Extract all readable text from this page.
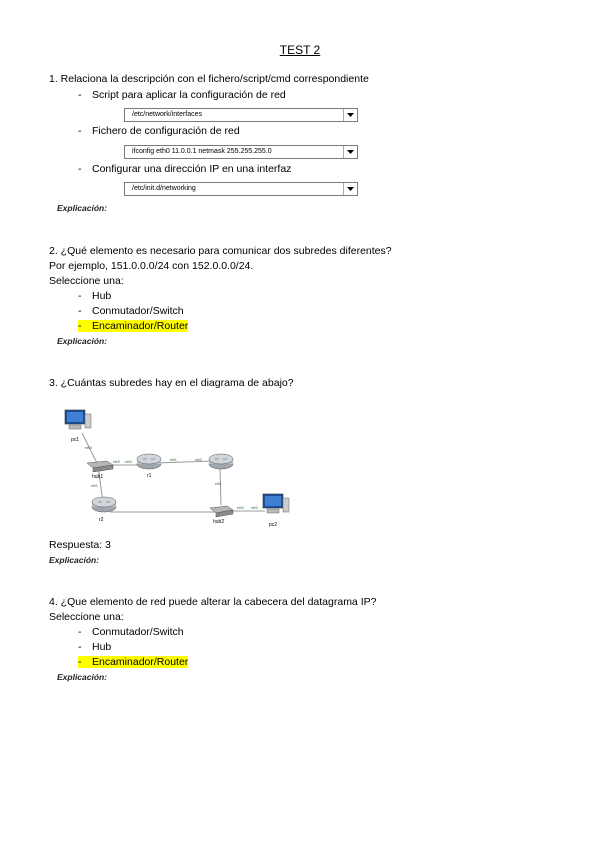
TEST 2
1. Relaciona la descripción con el fichero/script/cmd correspondiente
- Script para aplicar la configuración de red
/etc/network/interfaces
- Fichero de configuración de red
ifconfig eth0 11.0.0.1 netmask 255.255.255.0
- Configurar una dirección IP en una interfaz
/etc/init.d/networking
Explicación:
2. ¿Qué elemento es necesario para comunicar dos subredes diferentes?
Por ejemplo, 151.0.0.0/24 con 152.0.0.0/24.
Seleccione una:
- Hub
- Conmutador/Switch
- Encaminador/Router
Explicación:
3. ¿Cuántas subredes hay en el diagrama de abajo?
pc1
hub1	r1
r2	hub2	pc2
eth0
eth0 eth0	eth1	eth0
eth1
eth1
eth0 eth0
Respuesta: 3
Explicación:
4. ¿Que elemento de red puede alterar la cabecera del datagrama IP?
Seleccione una:
- Conmutador/Switch
- Hub
- Encaminador/Router
Explicación:
